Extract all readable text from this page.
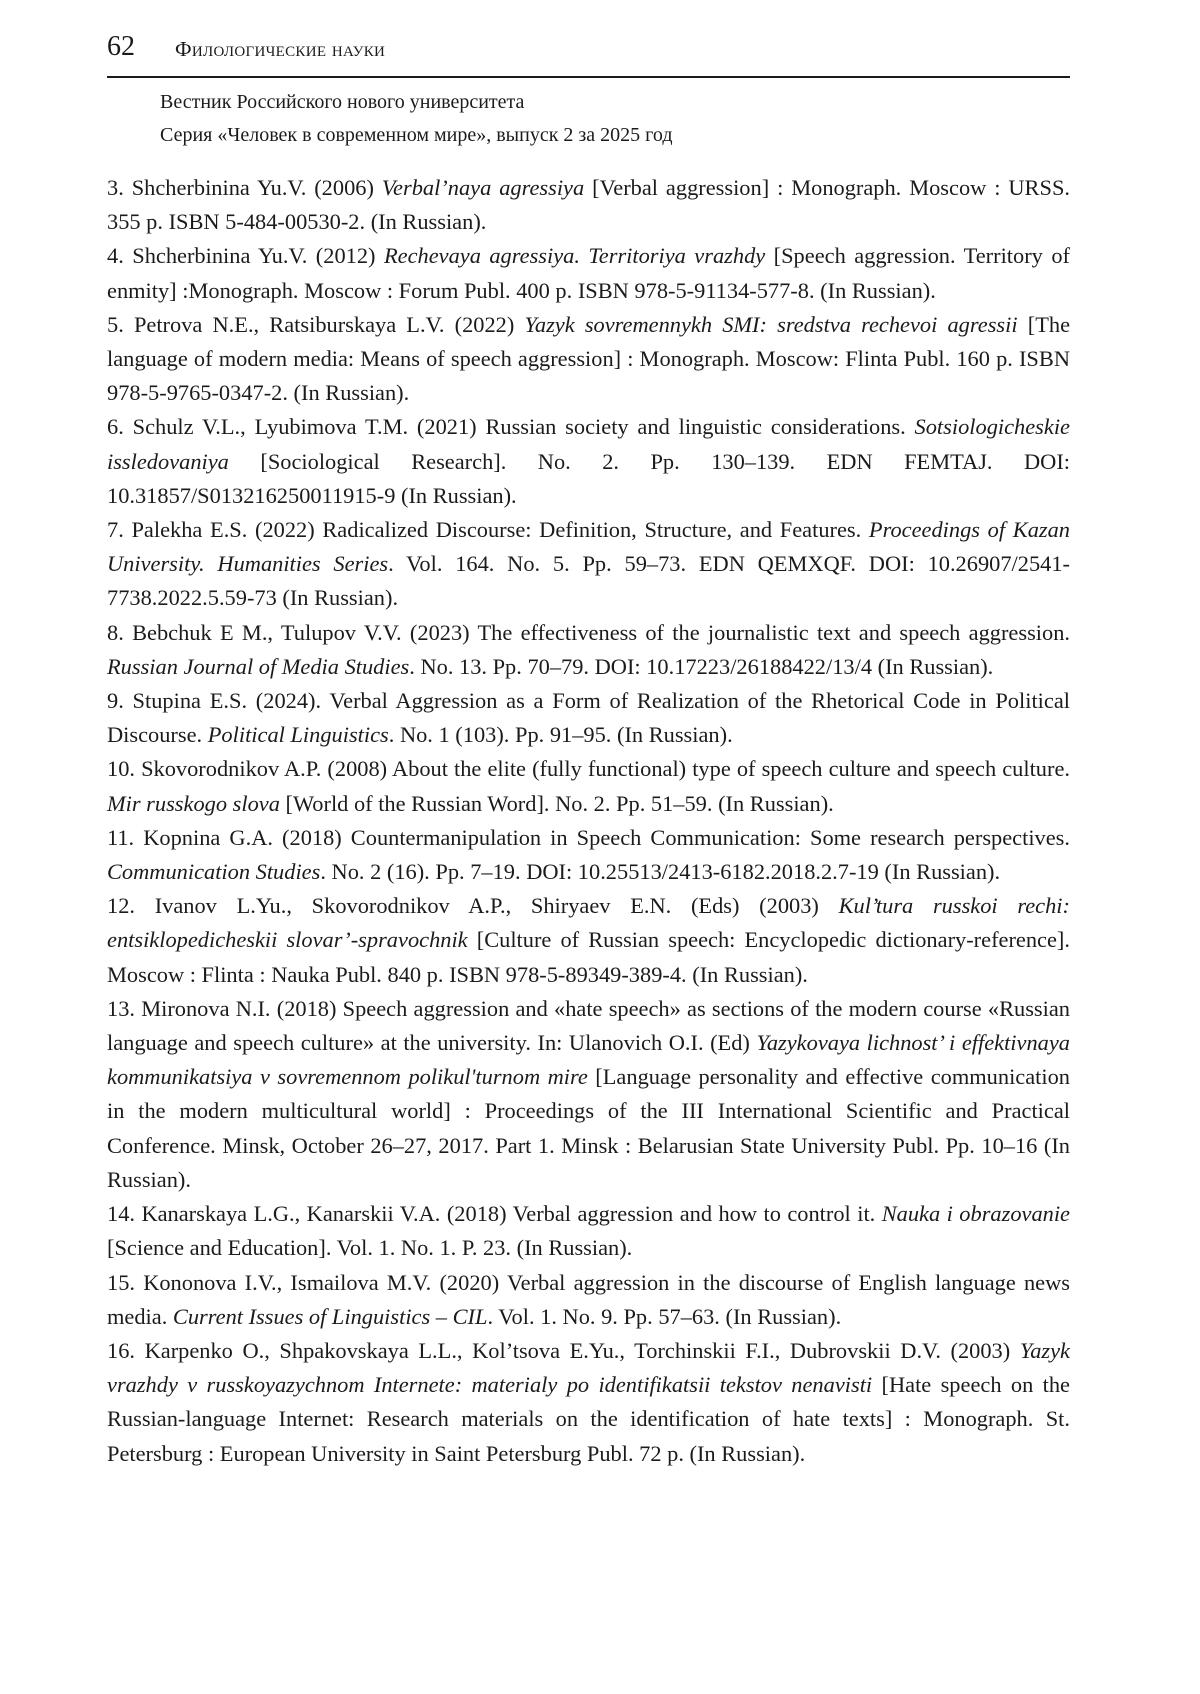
62 Филологические науки
Вестник Российского нового университета
Серия «Человек в современном мире», выпуск 2 за 2025 год

3. Shcherbinina Yu.V. (2006) Verbal’naya agressiya [Verbal aggression] : Monograph. Moscow : URSS. 355 p. ISBN 5-484-00530-2. (In Russian).

4. Shcherbinina Yu.V. (2012) Rechevaya agressiya. Territoriya vrazhdy [Speech aggression. Territory of enmity] :Monograph. Moscow : Forum Publ. 400 p. ISBN 978-5-91134-577-8. (In Russian).

5. Petrova N.E., Ratsiburskaya L.V. (2022) Yazyk sovremennykh SMI: sredstva rechevoi agressii [The language of modern media: Means of speech aggression] : Monograph. Moscow: Flinta Publ. 160 p. ISBN 978-5-9765-0347-2. (In Russian).

6. Schulz V.L., Lyubimova T.M. (2021) Russian society and linguistic considerations. Sotsiologicheskie issledovaniya [Sociological Research]. No. 2. Pp. 130–139. EDN FEMTAJ. DOI: 10.31857/S013216250011915-9 (In Russian).

7. Palekha E.S. (2022) Radicalized Discourse: Definition, Structure, and Features. Proceedings of Kazan University. Humanities Series. Vol. 164. No. 5. Pp. 59–73. EDN QEMXQF. DOI: 10.26907/2541-7738.2022.5.59-73 (In Russian).

8. Bebchuk E M., Tulupov V.V. (2023) The effectiveness of the journalistic text and speech aggression. Russian Journal of Media Studies. No. 13. Pp. 70–79. DOI: 10.17223/26188422/13/4 (In Russian).

9. Stupina E.S. (2024). Verbal Aggression as a Form of Realization of the Rhetorical Code in Political Discourse. Political Linguistics. No. 1 (103). Pp. 91–95. (In Russian).

10. Skovorodnikov A.P. (2008) About the elite (fully functional) type of speech culture and speech culture. Mir russkogo slova [World of the Russian Word]. No. 2. Pp. 51–59. (In Russian).

11. Kopnina G.A. (2018) Countermanipulation in Speech Communication: Some research perspectives. Communication Studies. No. 2 (16). Pp. 7–19. DOI: 10.25513/2413-6182.2018.2.7-19 (In Russian).

12. Ivanov L.Yu., Skovorodnikov A.P., Shiryaev E.N. (Eds) (2003) Kul’tura russkoi rechi: entsiklopedicheskii slovar’-spravochnik [Culture of Russian speech: Encyclopedic dictionary-reference]. Moscow : Flinta : Nauka Publ. 840 p. ISBN 978-5-89349-389-4. (In Russian).

13. Mironova N.I. (2018) Speech aggression and «hate speech» as sections of the modern course «Russian language and speech culture» at the university. In: Ulanovich O.I. (Ed) Yazykovaya lichnost’ i effektivnaya kommunikatsiya v sovremennom polikul'turnom mire [Language personality and effective communication in the modern multicultural world] : Proceedings of the III International Scientific and Practical Conference. Minsk, October 26–27, 2017. Part 1. Minsk : Belarusian State University Publ. Pp. 10–16 (In Russian).

14. Kanarskaya L.G., Kanarskii V.A. (2018) Verbal aggression and how to control it. Nauka i obrazovanie [Science and Education]. Vol. 1. No. 1. P. 23. (In Russian).

15. Kononova I.V., Ismailova M.V. (2020) Verbal aggression in the discourse of English language news media. Current Issues of Linguistics – CIL. Vol. 1. No. 9. Pp. 57–63. (In Russian).

16. Karpenko O., Shpakovskaya L.L., Kol’tsova E.Yu., Torchinskii F.I., Dubrovskii D.V. (2003) Yazyk vrazhdy v russkoyazychnom Internete: materialy po identifikatsii tekstov nenavisti [Hate speech on the Russian-language Internet: Research materials on the identification of hate texts] : Monograph. St. Petersburg : European University in Saint Petersburg Publ. 72 p. (In Russian).
